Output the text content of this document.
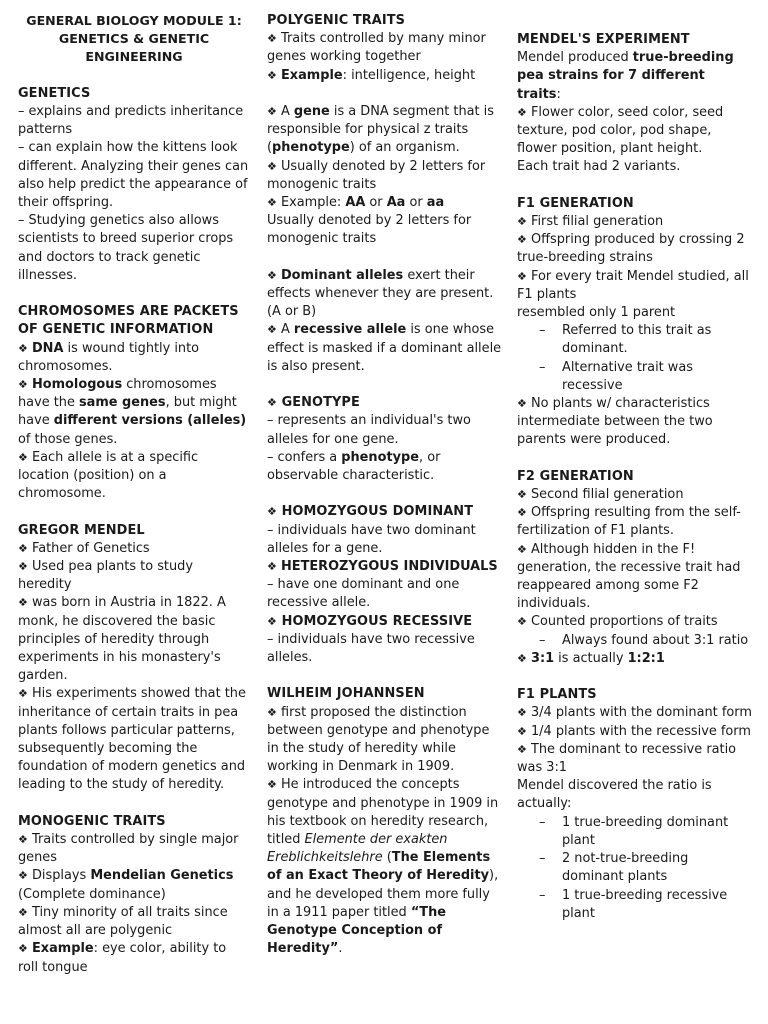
GENERAL BIOLOGY MODULE 1:
GENETICS & GENETIC ENGINEERING
GENETICS
– explains and predicts inheritance patterns
– can explain how the kittens look different. Analyzing their genes can also help predict the appearance of their offspring.
– Studying genetics also allows scientists to breed superior crops and doctors to track genetic illnesses.
CHROMOSOMES ARE PACKETS OF GENETIC INFORMATION
❖ DNA is wound tightly into chromosomes.
❖ Homologous chromosomes have the same genes, but might have different versions (alleles) of those genes.
❖ Each allele is at a specific location (position) on a chromosome.
GREGOR MENDEL
❖ Father of Genetics
❖ Used pea plants to study heredity
❖ was born in Austria in 1822. A monk, he discovered the basic principles of heredity through experiments in his monastery's garden.
❖ His experiments showed that the inheritance of certain traits in pea plants follows particular patterns, subsequently becoming the foundation of modern genetics and leading to the study of heredity.
MONOGENIC TRAITS
❖ Traits controlled by single major genes
❖ Displays Mendelian Genetics (Complete dominance)
❖ Tiny minority of all traits since almost all are polygenic
❖ Example: eye color, ability to roll tongue
POLYGENIC TRAITS
❖ Traits controlled by many minor genes working together
❖ Example: intelligence, height
❖ A gene is a DNA segment that is responsible for physical z traits (phenotype) of an organism.
❖ Usually denoted by 2 letters for monogenic traits
❖ Example: AA or Aa or aa
Usually denoted by 2 letters for monogenic traits
❖ Dominant alleles exert their effects whenever they are present. (A or B)
❖ A recessive allele is one whose effect is masked if a dominant allele is also present.
❖ GENOTYPE
– represents an individual's two alleles for one gene.
– confers a phenotype, or observable characteristic.
❖ HOMOZYGOUS DOMINANT
– individuals have two dominant alleles for a gene.
❖ HETEROZYGOUS INDIVIDUALS – have one dominant and one recessive allele.
❖ HOMOZYGOUS RECESSIVE
– individuals have two recessive alleles.
WILHEIM JOHANNSEN
❖ first proposed the distinction between genotype and phenotype in the study of heredity while working in Denmark in 1909.
❖ He introduced the concepts genotype and phenotype in 1909 in his textbook on heredity research, titled Elemente der exakten Ereblichkeitslehre (The Elements of an Exact Theory of Heredity), and he developed them more fully in a 1911 paper titled “The Genotype Conception of Heredity”.
MENDEL'S EXPERIMENT
Mendel produced true-breeding pea strains for 7 different traits:
❖ Flower color, seed color, seed texture, pod color, pod shape, flower position, plant height.
Each trait had 2 variants.
F1 GENERATION
❖ First filial generation
❖ Offspring produced by crossing 2 true-breeding strains
❖ For every trait Mendel studied, all F1 plants
resembled only 1 parent
– Referred to this trait as dominant.
– Alternative trait was recessive
❖ No plants w/ characteristics intermediate between the two parents were produced.
F2 GENERATION
❖ Second filial generation
❖ Offspring resulting from the self-fertilization of F1 plants.
❖ Although hidden in the F! generation, the recessive trait had reappeared among some F2 individuals.
❖ Counted proportions of traits
– Always found about 3:1 ratio
❖ 3:1 is actually 1:2:1
F1 PLANTS
❖ 3/4 plants with the dominant form
❖ 1/4 plants with the recessive form
❖ The dominant to recessive ratio was 3:1
Mendel discovered the ratio is actually:
– 1 true-breeding dominant plant
– 2 not-true-breeding dominant plants
– 1 true-breeding recessive plant
